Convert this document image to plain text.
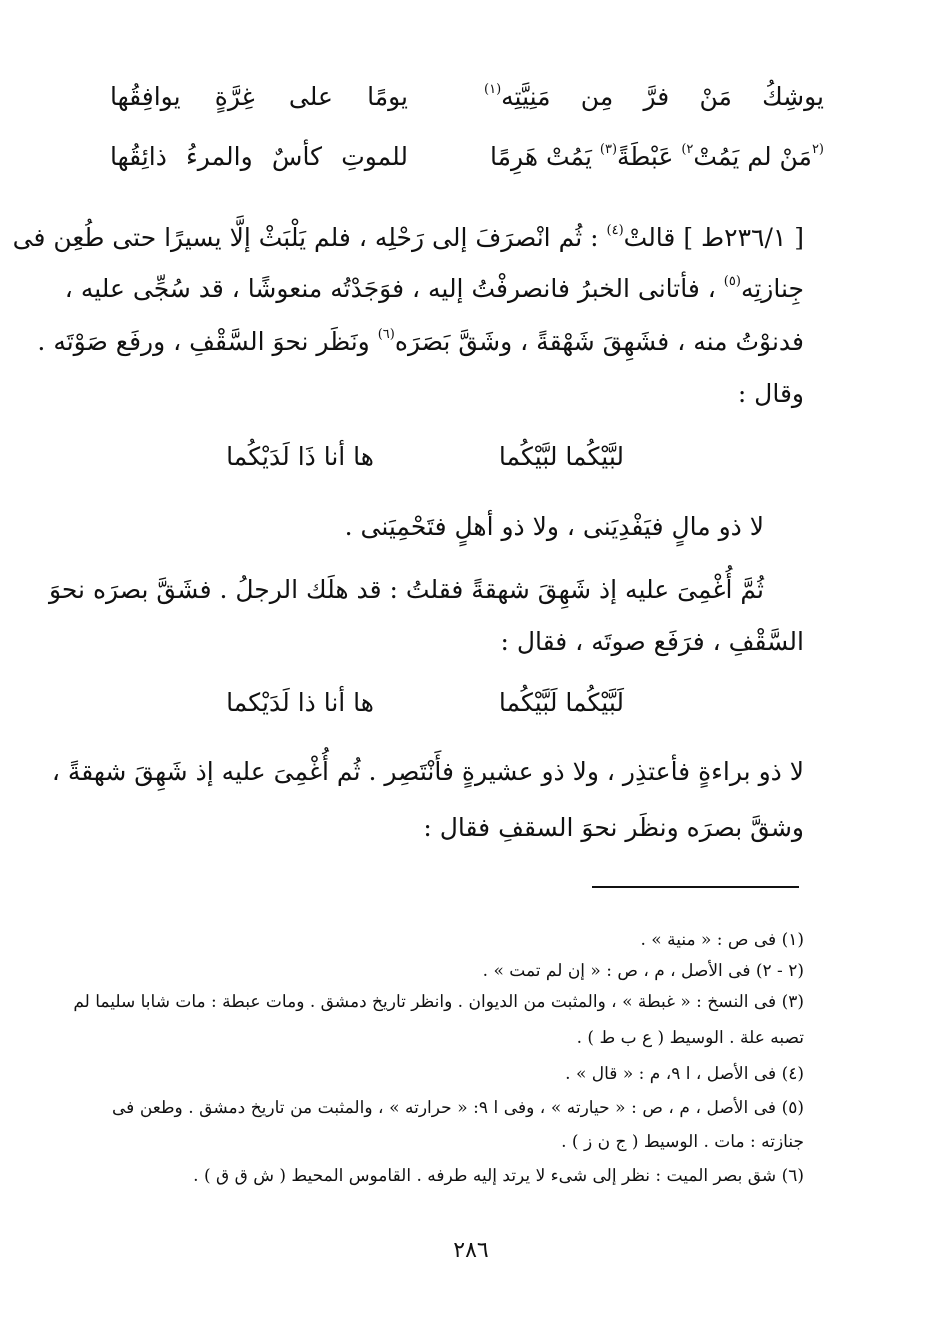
يوشِكُ مَنْ فرَّ مِن مَنِيَّتِه$^{(١)}$
يومًا على غِرَّةٍ يوافِقُها
$^{(٢}$مَنْ لم يَمُتْ$^{٢)}$ عَبْطَةً$^{(٣)}$ يَمُتْ هَرِمًا
للموتِ كأسٌ والمرءُ ذائِقُها
[ ٢٣٦/١ط ] قالتْ$^{(٤)}$ : ثُم انْصرَفَ إلى رَحْلِه ، فلم يَلْبَثْ إلَّا يسيرًا حتى طُعِن فى
جِنازتِه$^{(٥)}$ ، فأتانى الخبرُ فانصرفْتُ إليه ، فوَجَدْتُه منعوشًا ، قد سُجِّى عليه ،
فدنوْتُ منه ، فشَهِقَ شَهْقةً ، وشَقَّ بَصَرَه$^{(٦)}$ ونَظَر نحوَ السَّقْفِ ، ورفَع صَوْتَه .
وقال :
لبَّيْكُما لبَّيْكُما
ها أنا ذَا لَدَيْكُما
لا ذو مالٍ فيَفْدِيَنى ، ولا ذو أهلٍ فتَحْمِيَنى .
ثُمَّ أُغْمِىَ عليه إذ شَهِقَ شهقةً فقلتُ : قد هلَك الرجلُ . فشَقَّ بصرَه نحوَ
السَّقْفِ ، فرَفَع صوتَه ، فقال :
لَبَّيْكُما لَبَّيْكُما
ها أنا ذا لَدَيْكما
لا ذو براءةٍ فأعتذِر ، ولا ذو عشيرةٍ فأَنْتَصِر . ثُم أُغْمِىَ عليه إذ شَهِقَ شهقةً ،
وشقَّ بصرَه ونظَر نحوَ السقفِ فقال :
(١) فى ص : « منية » .
(٢ - ٢) فى الأصل ، م ، ص : « إن لم تمت » .
(٣) فى النسخ : « غبطة » ، والمثبت من الديوان . وانظر تاريخ دمشق . ومات عبطة : مات شابا سليما لم
تصبه علة . الوسيط ( ع ب ط ) .
(٤) فى الأصل ، ا ٩، م : « قال » .
(٥) فى الأصل ، م ، ص : « حيارته » ، وفى ا ٩: « حرارته » ، والمثبت من تاريخ دمشق . وطعن فى
جنازته : مات . الوسيط ( ج ن ز ) .
(٦) شق بصر الميت : نظر إلى شىء لا يرتد إليه طرفه . القاموس المحيط ( ش ق ق ) .
٢٨٦
